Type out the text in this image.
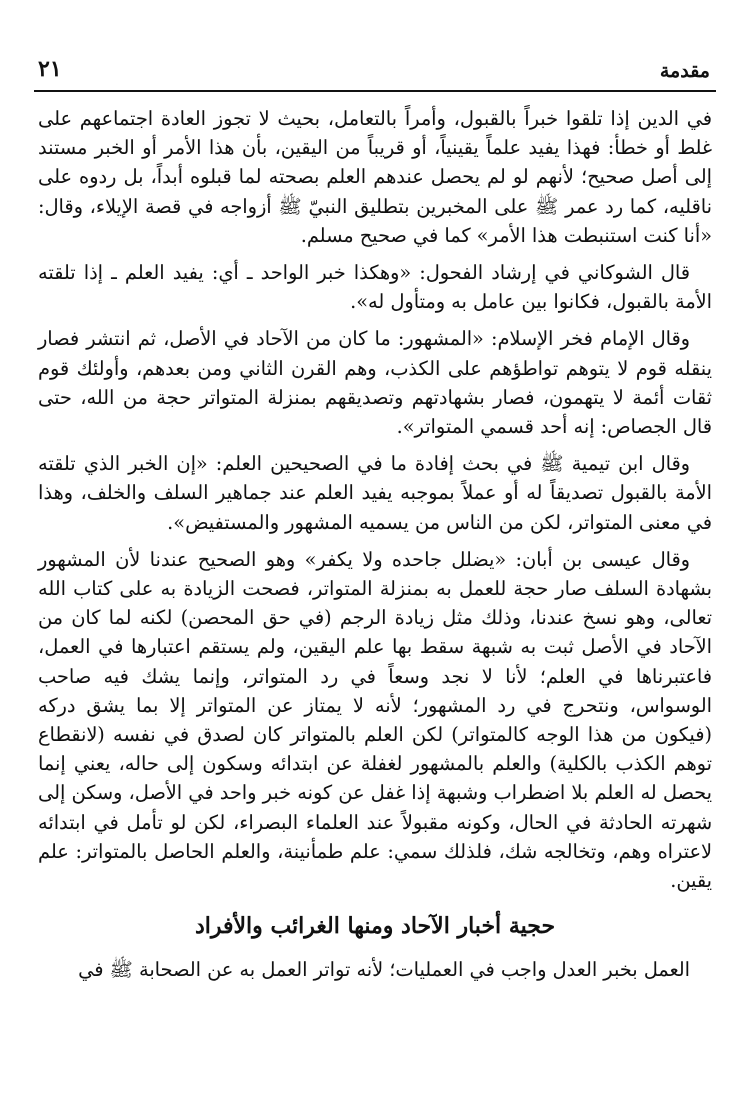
٢١	مقدمة

في الدين إذا تلقوا خبراً بالقبول، وأمراً بالتعامل، بحيث لا تجوز العادة اجتماعهم على غلط أو خطأ: فهذا يفيد علماً يقينياً، أو قريباً من اليقين، بأن هذا الأمر أو الخبر مستند إلى أصل صحيح؛ لأنهم لو لم يحصل عندهم العلم بصحته لما قبلوه أبداً، بل ردوه على ناقليه، كما رد عمر ﷺ على المخبرين بتطليق النبيّ ﷺ أزواجه في قصة الإيلاء، وقال: «أنا كنت استنبطت هذا الأمر» كما في صحيح مسلم.

قال الشوكاني في إرشاد الفحول: «وهكذا خبر الواحد ـ أي: يفيد العلم ـ إذا تلقته الأمة بالقبول، فكانوا بين عامل به ومتأول له».

وقال الإمام فخر الإسلام: «المشهور: ما كان من الآحاد في الأصل، ثم انتشر فصار ينقله قوم لا يتوهم تواطؤهم على الكذب، وهم القرن الثاني ومن بعدهم، وأولئك قوم ثقات أئمة لا يتهمون، فصار بشهادتهم وتصديقهم بمنزلة المتواتر حجة من الله، حتى قال الجصاص: إنه أحد قسمي المتواتر».

وقال ابن تيمية ﷺ في بحث إفادة ما في الصحيحين العلم: «إن الخبر الذي تلقته الأمة بالقبول تصديقاً له أو عملاً بموجبه يفيد العلم عند جماهير السلف والخلف، وهذا في معنى المتواتر، لكن من الناس من يسميه المشهور والمستفيض».

وقال عيسى بن أبان: «يضلل جاحده ولا يكفر» وهو الصحيح عندنا لأن المشهور بشهادة السلف صار حجة للعمل به بمنزلة المتواتر، فصحت الزيادة به على كتاب الله تعالى، وهو نسخ عندنا، وذلك مثل زيادة الرجم (في حق المحصن) لكنه لما كان من الآحاد في الأصل ثبت به شبهة سقط بها علم اليقين، ولم يستقم اعتبارها في العمل، فاعتبرناها في العلم؛ لأنا لا نجد وسعاً في رد المتواتر، وإنما يشك فيه صاحب الوسواس، ونتحرج في رد المشهور؛ لأنه لا يمتاز عن المتواتر إلا بما يشق دركه (فيكون من هذا الوجه كالمتواتر) لكن العلم بالمتواتر كان لصدق في نفسه (لانقطاع توهم الكذب بالكلية) والعلم بالمشهور لغفلة عن ابتدائه وسكون إلى حاله، يعني إنما يحصل له العلم بلا اضطراب وشبهة إذا غفل عن كونه خبر واحد في الأصل، وسكن إلى شهرته الحادثة في الحال، وكونه مقبولاً عند العلماء البصراء، لكن لو تأمل في ابتدائه لاعتراه وهم، وتخالجه شك، فلذلك سمي: علم طمأنينة، والعلم الحاصل بالمتواتر: علم يقين.

حجية أخبار الآحاد ومنها الغرائب والأفراد

العمل بخبر العدل واجب في العمليات؛ لأنه تواتر العمل به عن الصحابة ﷺ في
